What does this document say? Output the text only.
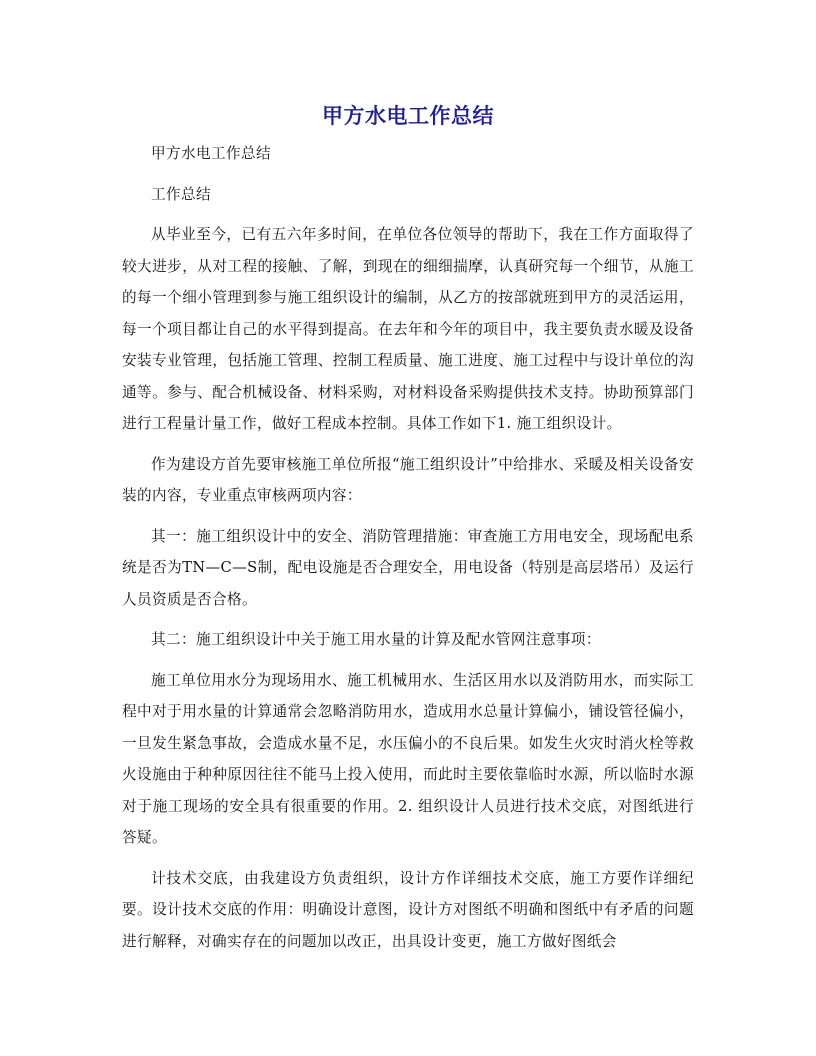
甲方水电工作总结

甲方水电工作总结

工作总结

从毕业至今，已有五六年多时间，在单位各位领导的帮助下，我在工作方面取得了较大进步，从对工程的接触、了解，到现在的细细揣摩，认真研究每一个细节，从施工的每一个细小管理到参与施工组织设计的编制，从乙方的按部就班到甲方的灵活运用，每一个项目都让自己的水平得到提高。在去年和今年的项目中，我主要负责水暖及设备安装专业管理，包括施工管理、控制工程质量、施工进度、施工过程中与设计单位的沟通等。参与、配合机械设备、材料采购，对材料设备采购提供技术支持。协助预算部门进行工程量计量工作，做好工程成本控制。具体工作如下1. 施工组织设计。

作为建设方首先要审核施工单位所报“施工组织设计”中给排水、采暖及相关设备安装的内容，专业重点审核两项内容：

其一：施工组织设计中的安全、消防管理措施：审查施工方用电安全，现场配电系统是否为TN—C—S制，配电设施是否合理安全，用电设备（特别是高层塔吊）及运行人员资质是否合格。

其二：施工组织设计中关于施工用水量的计算及配水管网注意事项：

施工单位用水分为现场用水、施工机械用水、生活区用水以及消防用水，而实际工程中对于用水量的计算通常会忽略消防用水，造成用水总量计算偏小，铺设管径偏小，一旦发生紧急事故，会造成水量不足，水压偏小的不良后果。如发生火灾时消火栓等救火设施由于种种原因往往不能马上投入使用，而此时主要依靠临时水源，所以临时水源对于施工现场的安全具有很重要的作用。2. 组织设计人员进行技术交底，对图纸进行答疑。

计技术交底，由我建设方负责组织，设计方作详细技术交底，施工方要作详细纪要。设计技术交底的作用：明确设计意图，设计方对图纸不明确和图纸中有矛盾的问题进行解释，对确实存在的问题加以改正，出具设计变更，施工方做好图纸会
